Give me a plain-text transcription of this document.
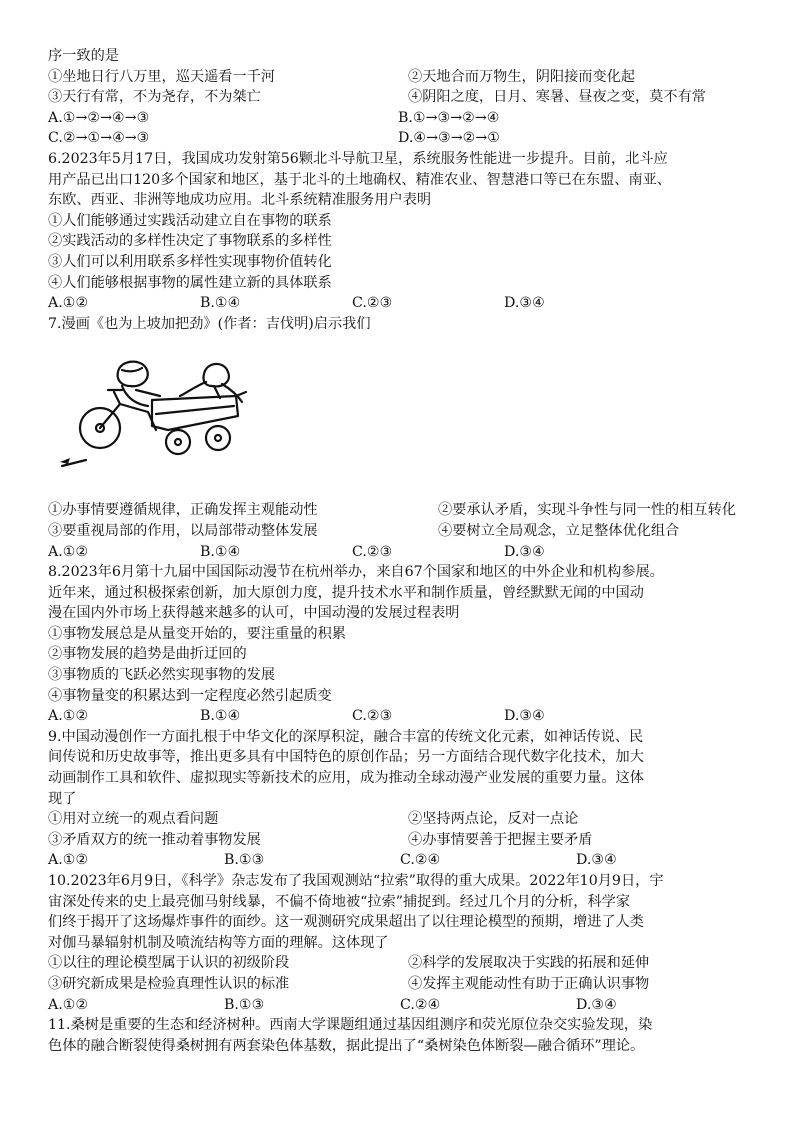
序一致的是
①坐地日行八万里，巡天遥看一千河	②天地合而万物生，阴阳接而变化起
③天行有常，不为尧存，不为桀亡	④阴阳之度，日月、寒暑、昼夜之变，莫不有常
A.①→②→④→③	B.①→③→②→④
C.②→①→④→③	D.④→③→②→①
6.2023年5月17日，我国成功发射第56颗北斗导航卫星，系统服务性能进一步提升。目前，北斗应
用产品已出口120多个国家和地区，基于北斗的土地确权、精准农业、智慧港口等已在东盟、南亚、
东欧、西亚、非洲等地成功应用。北斗系统精准服务用户表明
①人们能够通过实践活动建立自在事物的联系
②实践活动的多样性决定了事物联系的多样性
③人们可以利用联系多样性实现事物价值转化
④人们能够根据事物的属性建立新的具体联系
A.①②	B.①④	C.②③	D.③④
7.漫画《也为上坡加把劲》(作者：吉伐明)启示我们
①办事情要遵循规律，正确发挥主观能动性	②要承认矛盾，实现斗争性与同一性的相互转化
③要重视局部的作用，以局部带动整体发展	④要树立全局观念，立足整体优化组合
A.①②	B.①④	C.②③	D.③④
8.2023年6月第十九届中国国际动漫节在杭州举办，来自67个国家和地区的中外企业和机构参展。
近年来，通过积极探索创新，加大原创力度，提升技术水平和制作质量，曾经默默无闻的中国动
漫在国内外市场上获得越来越多的认可，中国动漫的发展过程表明
①事物发展总是从量变开始的，要注重量的积累
②事物发展的趋势是曲折迂回的
③事物质的飞跃必然实现事物的发展
④事物量变的积累达到一定程度必然引起质变
A.①②	B.①④	C.②③	D.③④
9.中国动漫创作一方面扎根于中华文化的深厚积淀，融合丰富的传统文化元素，如神话传说、民
间传说和历史故事等，推出更多具有中国特色的原创作品；另一方面结合现代数字化技术，加大
动画制作工具和软件、虚拟现实等新技术的应用，成为推动全球动漫产业发展的重要力量。这体
现了
①用对立统一的观点看问题	②坚持两点论，反对一点论
③矛盾双方的统一推动着事物发展	④办事情要善于把握主要矛盾
A.①②	B.①③	C.②④	D.③④
10.2023年6月9日，《科学》杂志发布了我国观测站“拉索”取得的重大成果。2022年10月9日，宇
宙深处传来的史上最亮伽马射线暴，不偏不倚地被“拉索”捕捉到。经过几个月的分析，科学家
们终于揭开了这场爆炸事件的面纱。这一观测研究成果超出了以往理论模型的预期，增进了人类
对伽马暴辐射机制及喷流结构等方面的理解。这体现了
①以往的理论模型属于认识的初级阶段	②科学的发展取决于实践的拓展和延伸
③研究新成果是检验真理性认识的标准	④发挥主观能动性有助于正确认识事物
A.①②	B.①③	C.②④	D.③④
11.桑树是重要的生态和经济树种。西南大学课题组通过基因组测序和荧光原位杂交实验发现，染
色体的融合断裂使得桑树拥有两套染色体基数，据此提出了“桑树染色体断裂—融合循环”理论。
